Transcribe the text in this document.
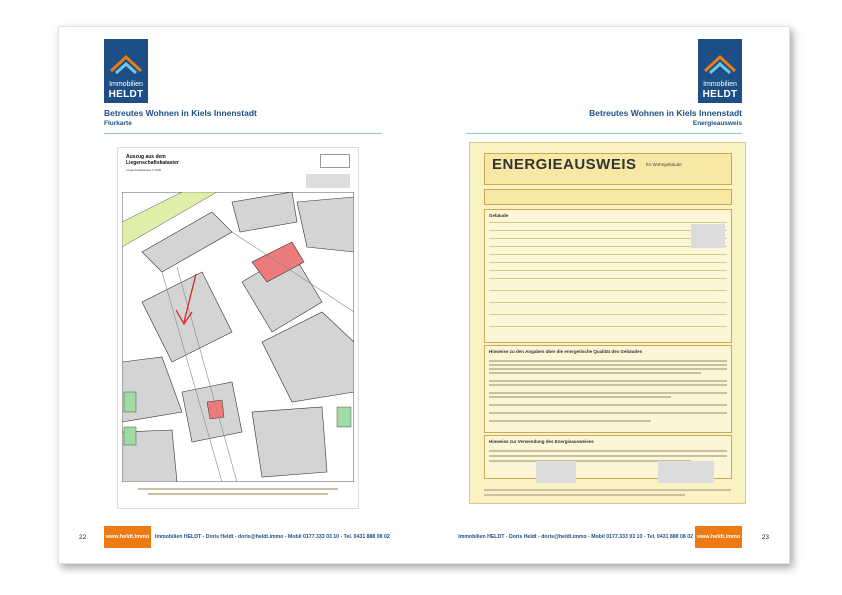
Immobilien
HELDT
Betreutes Wohnen in Kiels Innenstadt
Flurkarte
Auszug aus dem
Liegenschaftskataster
Liegenschaftskarte 1:1000
22	www.heldt.immo	Immobilien HELDT - Doris Heldt - doris@heldt.immo - Mobil 0177.333 03 10 - Tel. 0431 888 08 02
Immobilien
HELDT
Betreutes Wohnen in Kiels Innenstadt
Energieausweis
ENERGIEAUSWEIS für Wohngebäude
Gebäude
Hinweise zu den Angaben über die energetische Qualität des Gebäudes
Hinweise zur Verwendung des Energieausweises
23
www.heldt.immo
Immobilien HELDT - Doris Heldt - doris@heldt.immo - Mobil 0177.333 03 10 - Tel. 0431 888 08 02
